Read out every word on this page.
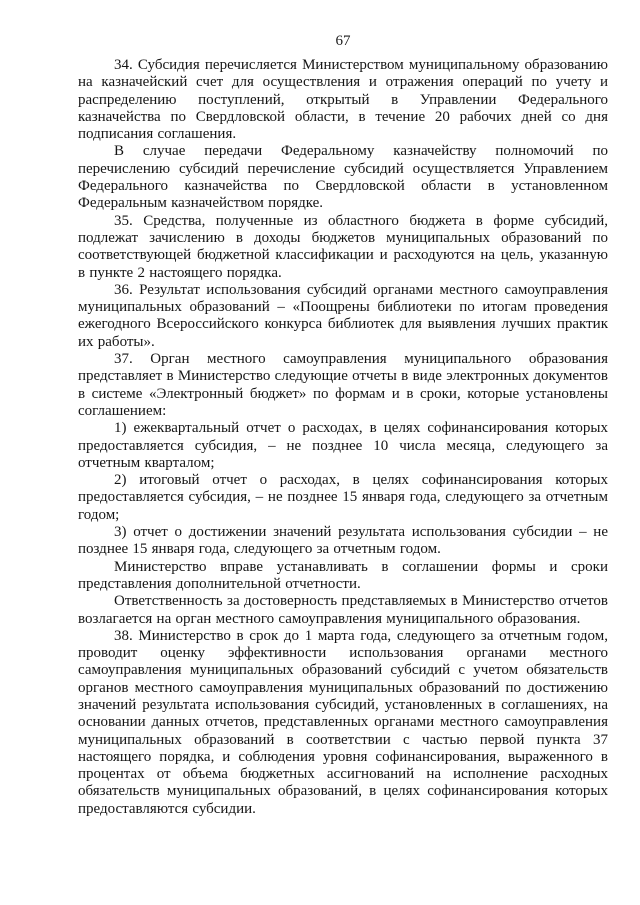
67

34. Субсидия перечисляется Министерством муниципальному образованию на казначейский счет для осуществления и отражения операций по учету и распределению поступлений, открытый в Управлении Федерального казначейства по Свердловской области, в течение 20 рабочих дней со дня подписания соглашения.

В случае передачи Федеральному казначейству полномочий по перечислению субсидий перечисление субсидий осуществляется Управлением Федерального казначейства по Свердловской области в установленном Федеральным казначейством порядке.

35. Средства, полученные из областного бюджета в форме субсидий, подлежат зачислению в доходы бюджетов муниципальных образований по соответствующей бюджетной классификации и расходуются на цель, указанную в пункте 2 настоящего порядка.

36. Результат использования субсидий органами местного самоуправления муниципальных образований – «Поощрены библиотеки по итогам проведения ежегодного Всероссийского конкурса библиотек для выявления лучших практик их работы».

37. Орган местного самоуправления муниципального образования представляет в Министерство следующие отчеты в виде электронных документов в системе «Электронный бюджет» по формам и в сроки, которые установлены соглашением:

1) ежеквартальный отчет о расходах, в целях софинансирования которых предоставляется субсидия, – не позднее 10 числа месяца, следующего за отчетным кварталом;

2) итоговый отчет о расходах, в целях софинансирования которых предоставляется субсидия, – не позднее 15 января года, следующего за отчетным годом;

3) отчет о достижении значений результата использования субсидии – не позднее 15 января года, следующего за отчетным годом.

Министерство вправе устанавливать в соглашении формы и сроки представления дополнительной отчетности.

Ответственность за достоверность представляемых в Министерство отчетов возлагается на орган местного самоуправления муниципального образования.

38. Министерство в срок до 1 марта года, следующего за отчетным годом, проводит оценку эффективности использования органами местного самоуправления муниципальных образований субсидий с учетом обязательств органов местного самоуправления муниципальных образований по достижению значений результата использования субсидий, установленных в соглашениях, на основании данных отчетов, представленных органами местного самоуправления муниципальных образований в соответствии с частью первой пункта 37 настоящего порядка, и соблюдения уровня софинансирования, выраженного в процентах от объема бюджетных ассигнований на исполнение расходных обязательств муниципальных образований, в целях софинансирования которых предоставляются субсидии.
